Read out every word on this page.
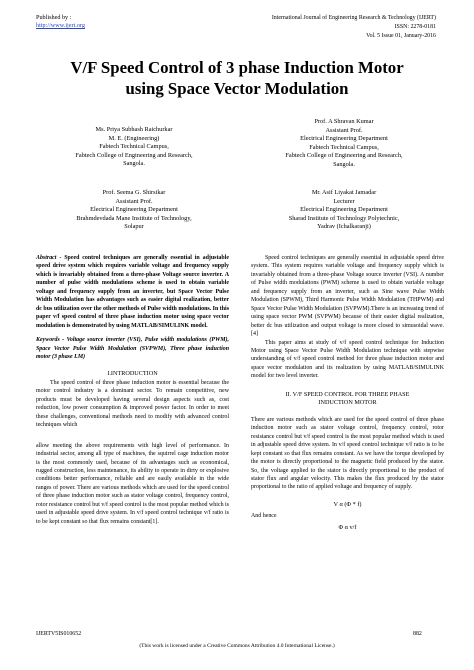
Published by :
http://www.ijert.org
International Journal of Engineering Research & Technology (IJERT)
ISSN: 2278-0181
Vol. 5 Issue 01, January-2016
V/F Speed Control of 3 phase Induction Motor
using Space Vector Modulation
Ms. Priya Subhash Raichurkar
M. E. (Engineering)
Fabtech Technical Campus,
Fabtech College of Engineering and Research,
Sangola.
Prof. A Shravan Kumar
Assistant Prof.
Electrical Engineering Department
Fabtech Technical Campus,
Fabtech College of Engineering and Research,
Sangola.
Prof. Seema G. Shirsikar
Assistant Prof.
Electrical Engineering Department
Brahmdevdada Mane Institute of Technology,
Solapur
Mr. Asif Liyakat Jamadar
Lecturer
Electrical Engineering Department
Sharad Institute of Technology Polytechnic,
Yadrav (Ichalkaranji)

Abstract - Speed control techniques are generally essential in adjustable speed drive system which requires variable voltage and frequency supply which is invariably obtained from a three-phase Voltage source inverter. A number of pulse width modulations scheme is used to obtain variable voltage and frequency supply from an inverter, but Space Vector Pulse Width Modulation has advantages such as easier digital realization, better dc bus utilization over the other methods of Pulse width modulations. In this paper v/f speed control of three phase induction motor using space vector modulation is demonstrated by using MATLAB/SIMULINK model.

Keywords - Voltage source inverter (VSI), Pulse width modulations (PWM), Space Vector Pulse Width Modulation (SVPWM), Three phase induction motor (3 phase I.M)

I.INTRODUCTION

The speed control of three phase induction motor is essential because the motor control industry is a dominant sector. To remain competitive, new products must be developed having several design aspects such as, cost reduction, low power consumption & improved power factor. In order to meet these challenges, conventional methods need to modify with advanced control techniques which

allow meeting the above requirements with high level of performance. In industrial sector, among all type of machines, the squirrel cage induction motor is the most commonly used, because of its advantages such as economical, rugged construction, less maintenance, its ability to operate in dirty or explosive conditions better performance, reliable and are easily available in the wide ranges of power. There are various methods which are used for the speed control of three phase induction motor such as stator voltage control, frequency control, rotor resistance control but v/f speed control is the most popular method which is used in adjustable speed drive system. In v/f speed control technique v/f ratio is to be kept constant so that flux remains constant[1].

Speed control techniques are generally essential in adjustable speed drive system. This system requires variable voltage and frequency supply which is invariably obtained from a three-phase Voltage source inverter (VSI). A number of Pulse width modulations (PWM) scheme is used to obtain variable voltage and frequency supply from an inverter, such as Sine wave Pulse Width Modulation (SPWM), Third Harmonic Pulse Width Modulation (THPWM) and Space Vector Pulse Width Modulation (SVPWM).There is an increasing trend of using space vector PWM (SVPWM) because of their easier digital realization, better dc bus utilization and output voltage is more closed to simusoidal wave. [4]

This paper aims at study of v/f speed control technique for Induction Motor using Space Vector Pulse Width Modulation technique with stepwise understanding of v/f speed control method for three phase induction motor and space vector modulation and its realization by using MATLAB/SIMULINK model for two level inverter.

II. V/F SPEED CONTROL FOR THREE PHASE

INDUCTION MOTOR

There are various methods which are used for the speed control of three phase induction motor such as stator voltage control, frequency control, rotor resistance control but v/f speed control is the most popular method which is used in adjustable speed drive system. In v/f speed control technique v/f ratio is to be kept constant so that flux remains constant. As we have the torque developed by the motor is directly proportional to the magnetic field produced by the stator. So, the voltage applied to the stator is directly proportional to the product of stator flux and angular velocity. This makes the flux produced by the stator proportional to the ratio of applied voltage and frequency of supply.

V α (Φ * f)

And hence

Φ α v/f

IJERTV5IS010652	882
(This work is licensed under a Creative Commons Attribution 4.0 International License.)
